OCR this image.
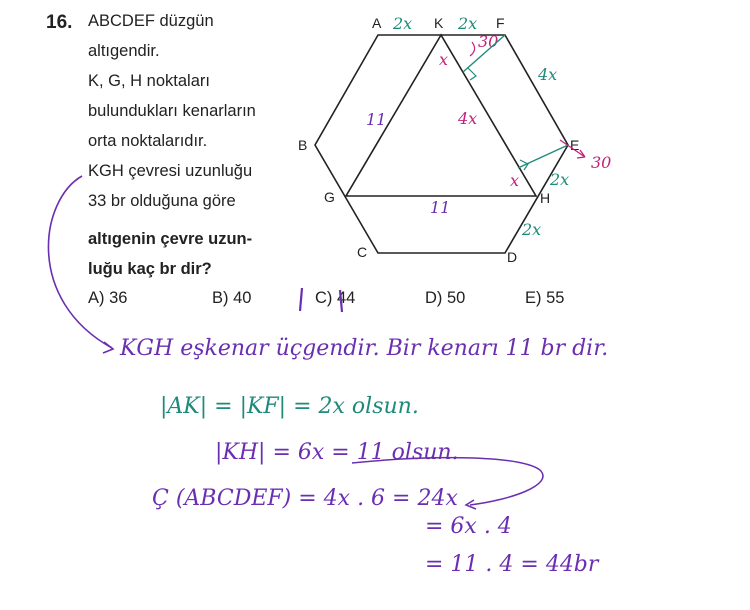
16. ABCDEF düzgün
altıgendir.
K, G, H noktaları
bulundukları kenarların
orta noktalarıdır.
KGH çevresi uzunluğu
33 br olduğuna göre
altıgenin çevre uzun-
luğu kaç br dir?
A) 36	B) 40	C) 44	D) 50	E) 55
A	K	F
B	E
G	H
C	D
2x	2x
4x
2x
2x
11
11
4x
x
x
30
30
KGH eşkenar üçgendir. Bir kenarı 11 br dir.
|AK| = |KF| = 2x olsun.
|KH| = 6x = 11 olsun.
Ç (ABCDEF) = 4x . 6 = 24x
= 6x . 4
= 11 . 4 = 44br
